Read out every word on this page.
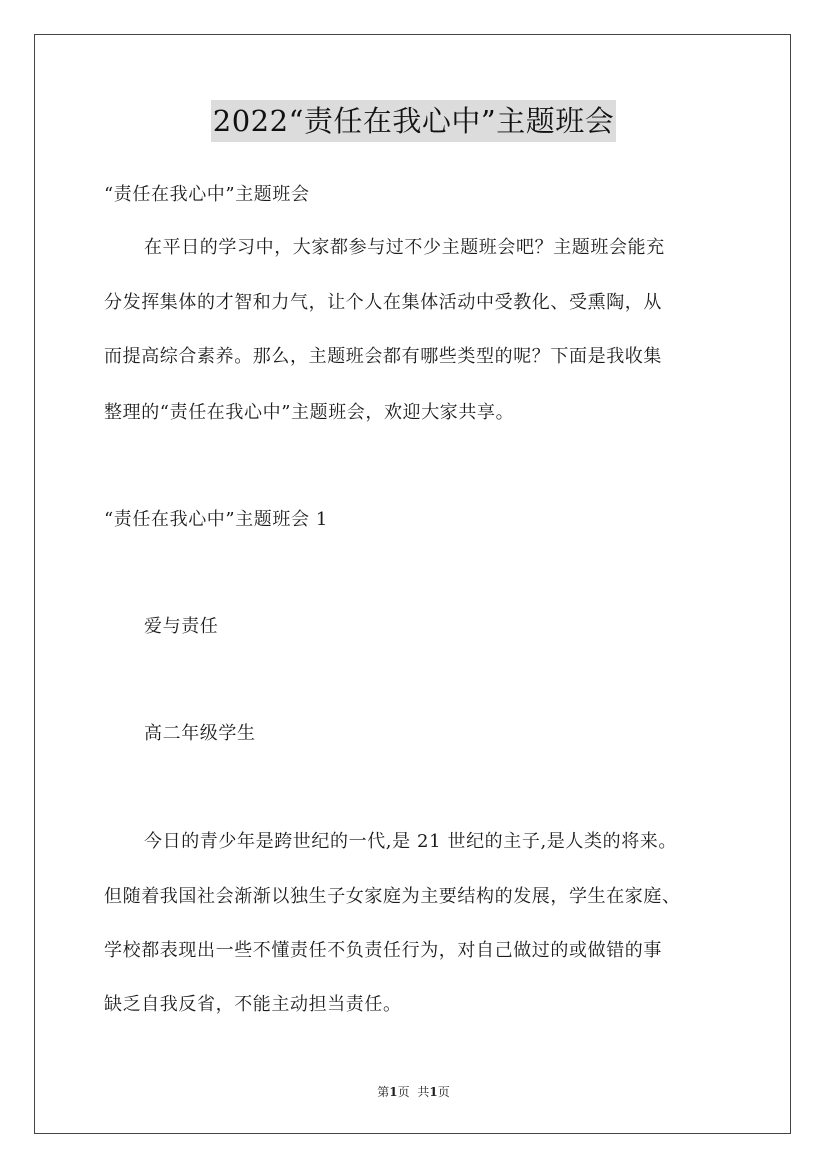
2022“责任在我心中”主题班会
“责任在我心中”主题班会
在平日的学习中，大家都参与过不少主题班会吧？主题班会能充
分发挥集体的才智和力气，让个人在集体活动中受教化、受熏陶，从
而提高综合素养。那么，主题班会都有哪些类型的呢？下面是我收集
整理的“责任在我心中”主题班会，欢迎大家共享。
“责任在我心中”主题班会 1
爱与责任
高二年级学生
今日的青少年是跨世纪的一代,是 21 世纪的主子,是人类的将来。
但随着我国社会渐渐以独生子女家庭为主要结构的发展，学生在家庭、
学校都表现出一些不懂责任不负责任行为，对自己做过的或做错的事
缺乏自我反省，不能主动担当责任。
第1页 共1页
